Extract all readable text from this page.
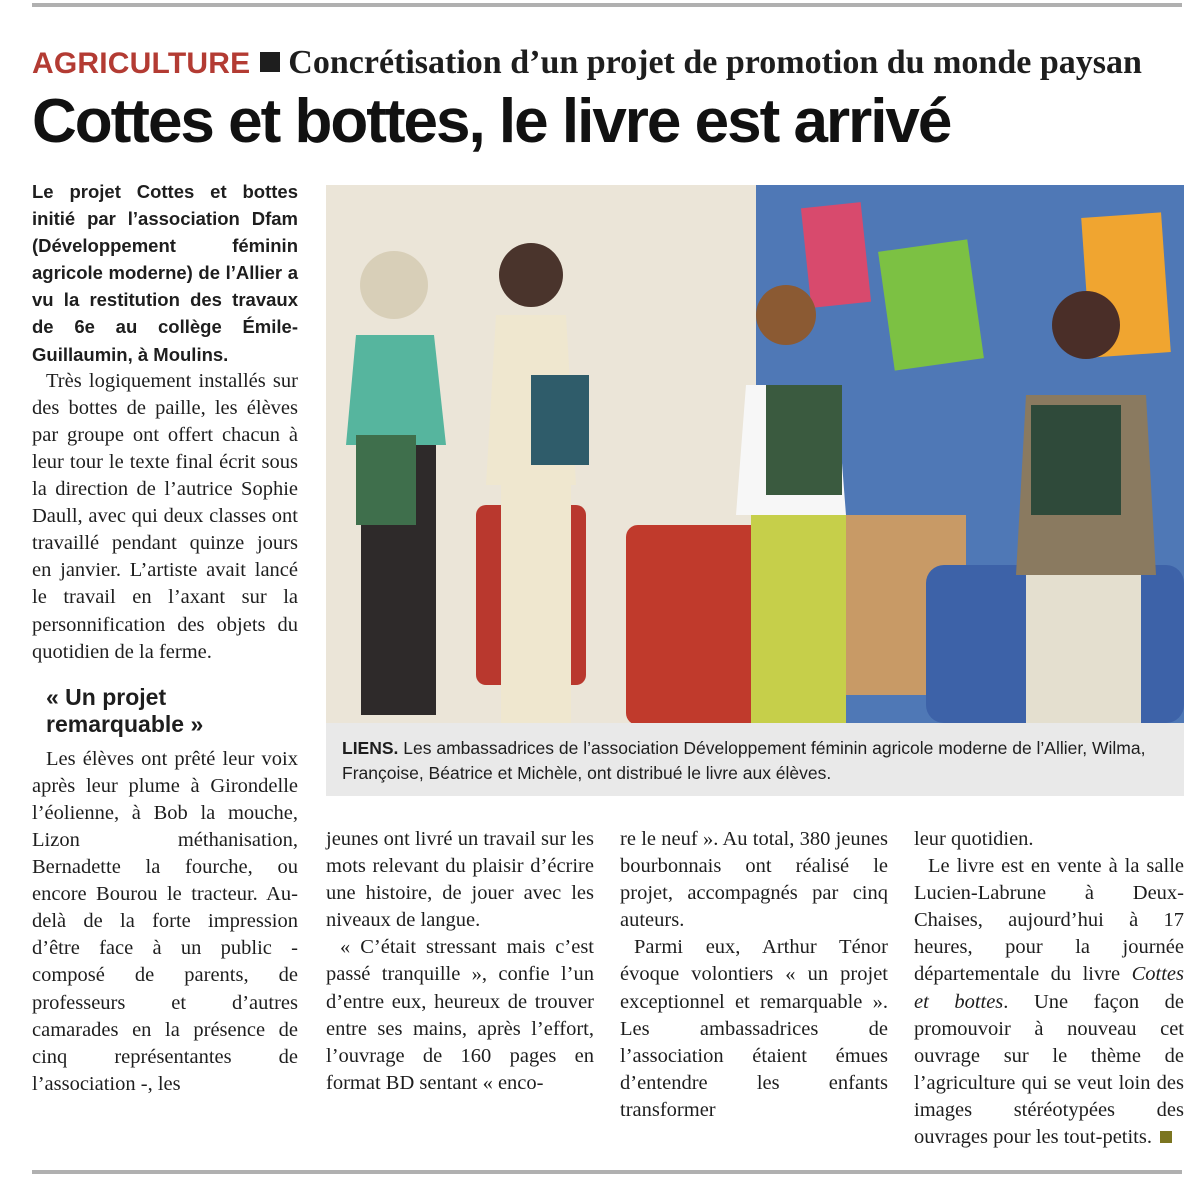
AGRICULTURE Concrétisation d’un projet de promotion du monde paysan
Cottes et bottes, le livre est arrivé

Le projet Cottes et bottes initié par l’association Dfam (Développement féminin agricole moderne) de l’Allier a vu la restitution des travaux de 6e au collège Émile-Guillaumin, à Moulins.

Très logiquement installés sur des bottes de paille, les élèves par groupe ont offert chacun à leur tour le texte final écrit sous la direction de l’autrice Sophie Daull, avec qui deux classes ont travaillé pendant quinze jours en janvier. L’artiste avait lancé le travail en l’axant sur la personnification des objets du quotidien de la ferme.

« Un projet remarquable »

Les élèves ont prêté leur voix après leur plume à Girondelle l’éolienne, à Bob la mouche, Lizon méthanisation, Bernadette la fourche, ou encore Bourou le tracteur. Au-delà de la forte impression d’être face à un public - composé de parents, de professeurs et d’autres camarades en la présence de cinq représentantes de l’association -, les

LIENS. Les ambassadrices de l’association Développement féminin agricole moderne de l’Allier, Wilma, Françoise, Béatrice et Michèle, ont distribué le livre aux élèves.

jeunes ont livré un travail sur les mots relevant du plaisir d’écrire une histoire, de jouer avec les niveaux de langue.

« C’était stressant mais c’est passé tranquille », confie l’un d’entre eux, heureux de trouver entre ses mains, après l’effort, l’ouvrage de 160 pages en format BD sentant « enco-

re le neuf ». Au total, 380 jeunes bourbonnais ont réalisé le projet, accompagnés par cinq auteurs.

Parmi eux, Arthur Ténor évoque volontiers « un projet exceptionnel et remarquable ». Les ambassadrices de l’association étaient émues d’entendre les enfants transformer

leur quotidien.

Le livre est en vente à la salle Lucien-Labrune à Deux-Chaises, aujourd’hui à 17 heures, pour la journée départementale du livre Cottes et bottes. Une façon de promouvoir à nouveau cet ouvrage sur le thème de l’agriculture qui se veut loin des images stéréotypées des ouvrages pour les tout-petits.
